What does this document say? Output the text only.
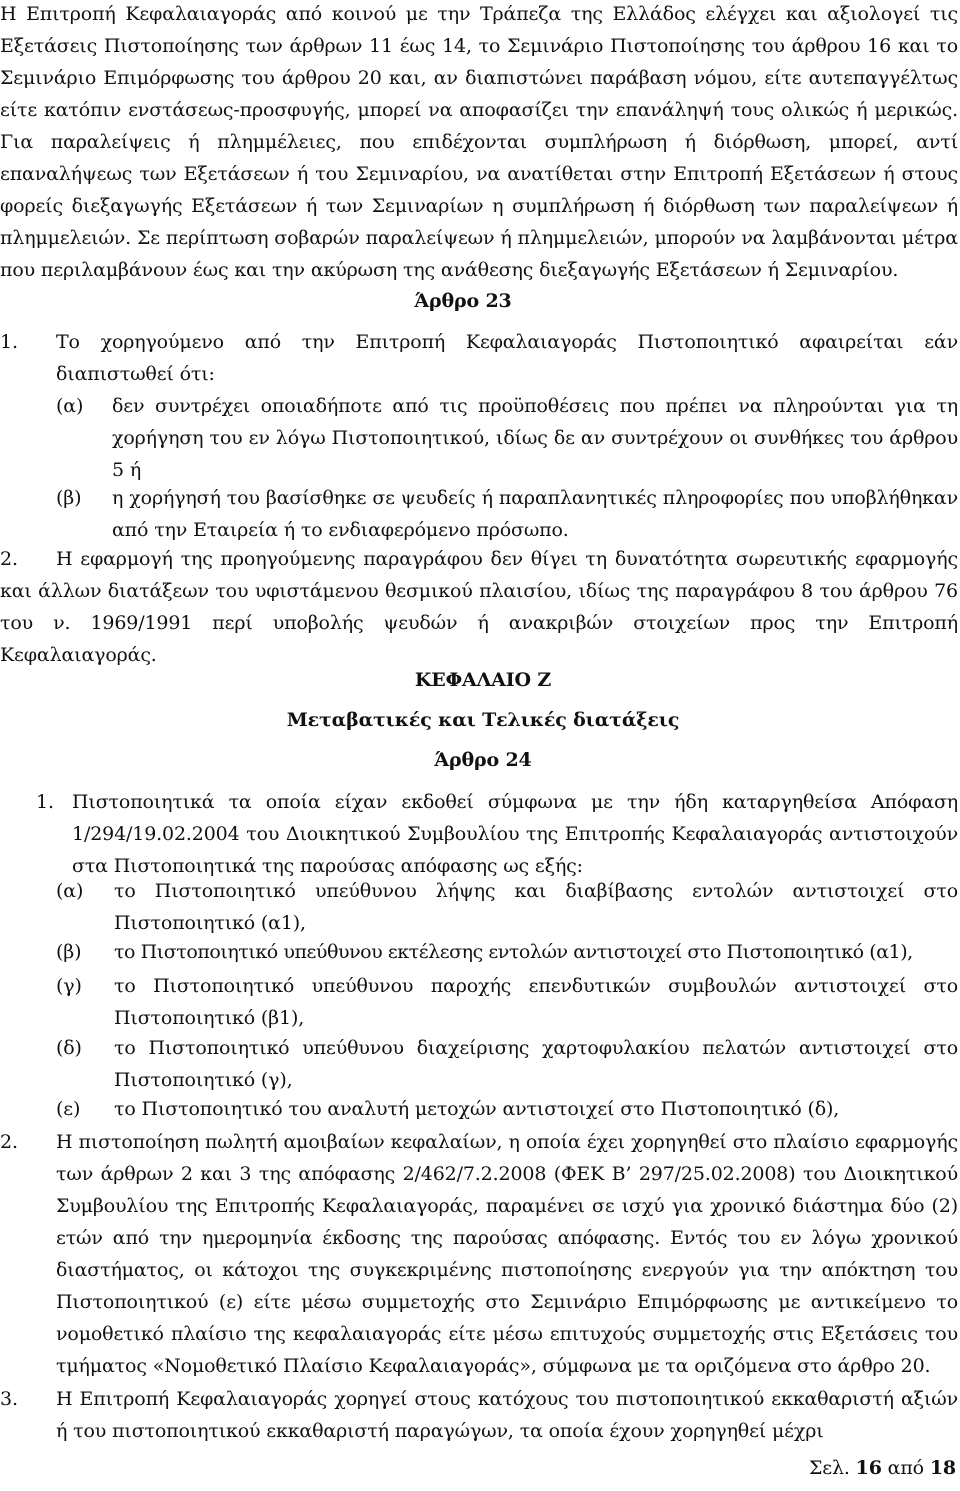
Η Επιτροπή Κεφαλαιαγοράς από κοινού με την Τράπεζα της Ελλάδος ελέγχει και αξιολογεί τις Εξετάσεις Πιστοποίησης των άρθρων 11 έως 14, το Σεμινάριο Πιστοποίησης του άρθρου 16 και το Σεμινάριο Επιμόρφωσης του άρθρου 20 και, αν διαπιστώνει παράβαση νόμου, είτε αυτεπαγγέλτως είτε κατόπιν ενστάσεως-προσφυγής, μπορεί να αποφασίζει την επανάληψή τους ολικώς ή μερικώς. Για παραλείψεις ή πλημμέλειες, που επιδέχονται συμπλήρωση ή διόρθωση, μπορεί, αντί επαναλήψεως των Εξετάσεων ή του Σεμιναρίου, να ανατίθεται στην Επιτροπή Εξετάσεων ή στους φορείς διεξαγωγής Εξετάσεων ή των Σεμιναρίων η συμπλήρωση ή διόρθωση των παραλείψεων ή πλημμελειών. Σε περίπτωση σοβαρών παραλείψεων ή πλημμελειών, μπορούν να λαμβάνονται μέτρα που περιλαμβάνουν έως και την ακύρωση της ανάθεσης διεξαγωγής Εξετάσεων ή Σεμιναρίου.

Άρθρο 23

1.	Το χορηγούμενο από την Επιτροπή Κεφαλαιαγοράς Πιστοποιητικό αφαιρείται εάν διαπιστωθεί ότι:
(α)	δεν συντρέχει οποιαδήποτε από τις προϋποθέσεις που πρέπει να πληρούνται για τη χορήγηση του εν λόγω Πιστοποιητικού, ιδίως δε αν συντρέχουν οι συνθήκες του άρθρου 5 ή
(β)	η χορήγησή του βασίσθηκε σε ψευδείς ή παραπλανητικές πληροφορίες που υποβλήθηκαν από την Εταιρεία ή το ενδιαφερόμενο πρόσωπο.
2.	Η εφαρμογή της προηγούμενης παραγράφου δεν θίγει τη δυνατότητα σωρευτικής εφαρμογής και άλλων διατάξεων του υφιστάμενου θεσμικού πλαισίου, ιδίως της παραγράφου 8 του άρθρου 76 του ν. 1969/1991 περί υποβολής ψευδών ή ανακριβών στοιχείων προς την Επιτροπή Κεφαλαιαγοράς.

ΚΕΦΑΛΑΙΟ Ζ

Μεταβατικές και Τελικές διατάξεις

Άρθρο 24

1. Πιστοποιητικά τα οποία είχαν εκδοθεί σύμφωνα με την ήδη καταργηθείσα Απόφαση 1/294/19.02.2004 του Διοικητικού Συμβουλίου της Επιτροπής Κεφαλαιαγοράς αντιστοιχούν στα Πιστοποιητικά της παρούσας απόφασης ως εξής:
(α)	το Πιστοποιητικό υπεύθυνου λήψης και διαβίβασης εντολών αντιστοιχεί στο Πιστοποιητικό (α1),
(β)	το Πιστοποιητικό υπεύθυνου εκτέλεσης εντολών αντιστοιχεί στο Πιστοποιητικό (α1),
(γ)	το Πιστοποιητικό υπεύθυνου παροχής επενδυτικών συμβουλών αντιστοιχεί στο Πιστοποιητικό (β1),
(δ)	το Πιστοποιητικό υπεύθυνου διαχείρισης χαρτοφυλακίου πελατών αντιστοιχεί στο Πιστοποιητικό (γ),
(ε)	το Πιστοποιητικό του αναλυτή μετοχών αντιστοιχεί στο Πιστοποιητικό (δ),
2.	Η πιστοποίηση πωλητή αμοιβαίων κεφαλαίων, η οποία έχει χορηγηθεί στο πλαίσιο εφαρμογής των άρθρων 2 και 3 της απόφασης 2/462/7.2.2008 (ΦΕΚ Β’ 297/25.02.2008) του Διοικητικού Συμβουλίου της Επιτροπής Κεφαλαιαγοράς, παραμένει σε ισχύ για χρονικό διάστημα δύο (2) ετών από την ημερομηνία έκδοσης της παρούσας απόφασης. Εντός του εν λόγω χρονικού διαστήματος, οι κάτοχοι της συγκεκριμένης πιστοποίησης ενεργούν για την απόκτηση του Πιστοποιητικού (ε) είτε μέσω συμμετοχής στο Σεμινάριο Επιμόρφωσης με αντικείμενο το νομοθετικό πλαίσιο της κεφαλαιαγοράς είτε μέσω επιτυχούς συμμετοχής στις Εξετάσεις του τμήματος «Νομοθετικό Πλαίσιο Κεφαλαιαγοράς», σύμφωνα με τα οριζόμενα στο άρθρο 20.
3.	Η Επιτροπή Κεφαλαιαγοράς χορηγεί στους κατόχους του πιστοποιητικού εκκαθαριστή αξιών ή του πιστοποιητικού εκκαθαριστή παραγώγων, τα οποία έχουν χορηγηθεί μέχρι
Σελ. 16 από 18
